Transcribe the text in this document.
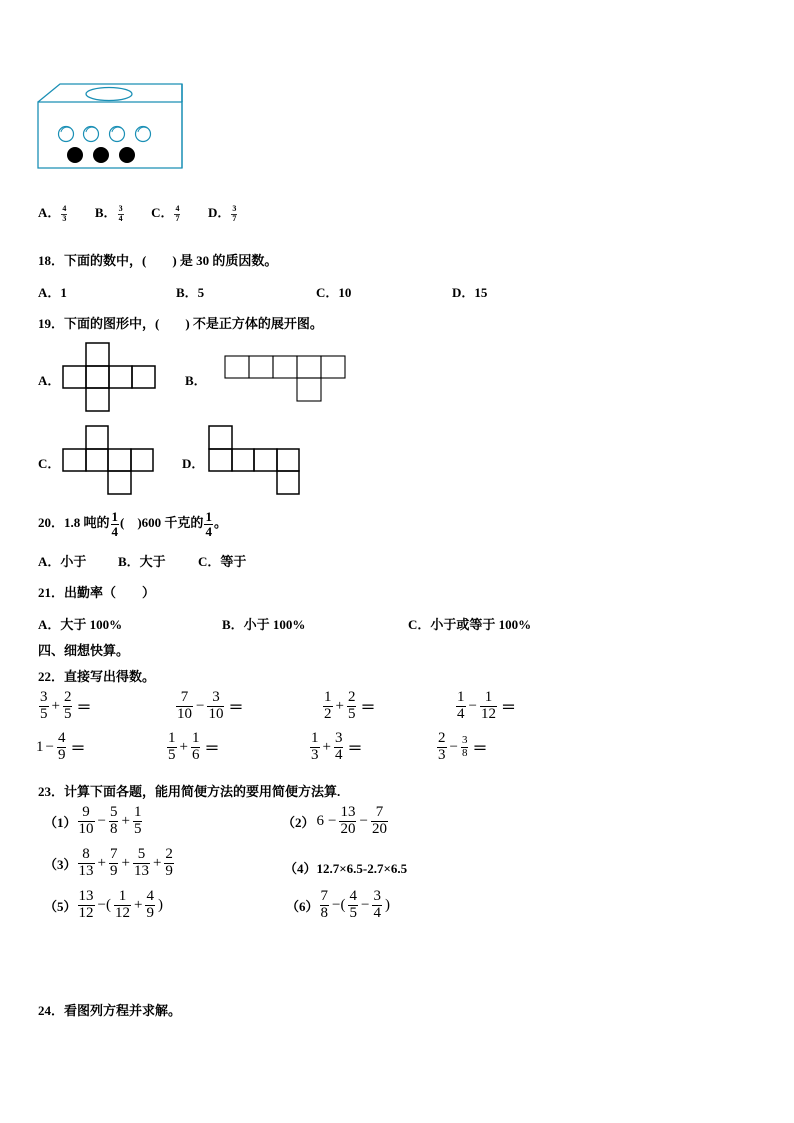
A． $\frac{4}{3}$ B． $\frac{3}{4}$ C． $\frac{4}{7}$ D． $\frac{3}{7}$
18．下面的数中，(　　) 是 30 的质因数。
A．1	B．5	C．10	D．15
19．下面的图形中，(　　) 不是正方体的展开图。
A．	B．
C．	D．
20．1.8 吨的 $\frac{1}{4}$ (　)600 千克的 $\frac{1}{4}$ 。
A．小于 B．大于 C．等于
21．出勤率（　　）
A．大于 100%	B．小于 100%	C．小于或等于 100%
四、细想快算。
22．直接写出得数。
$\frac{3}{5} + \frac{2}{5}$ ＝	$\frac{7}{10} - \frac{3}{10}$ ＝	$\frac{1}{2} + \frac{2}{5}$ ＝	$\frac{1}{4} - \frac{1}{12}$ ＝
$1 - \frac{4}{9}$ ＝	$\frac{1}{5} + \frac{1}{6}$ ＝	$\frac{1}{3} + \frac{3}{4}$ ＝	$\frac{2}{3} - \frac{3}{8}$ ＝
23．计算下面各题，能用简便方法的要用简便方法算.
$(1) \frac{9}{10} - \frac{5}{8} + \frac{1}{5}$	（2） $6 - \frac{13}{20} - \frac{7}{20}$
$(3) \frac{8}{13} + \frac{7}{9} + \frac{5}{13} + \frac{2}{9}$	（4）12.7×6.5-2.7×6.5
$(5) \frac{13}{12}$ −( $\frac{1}{12} + \frac{4}{9}$ )	$(6) \frac{7}{8}$ −( $\frac{4}{5} - \frac{3}{4}$ )
24．看图列方程并求解。
